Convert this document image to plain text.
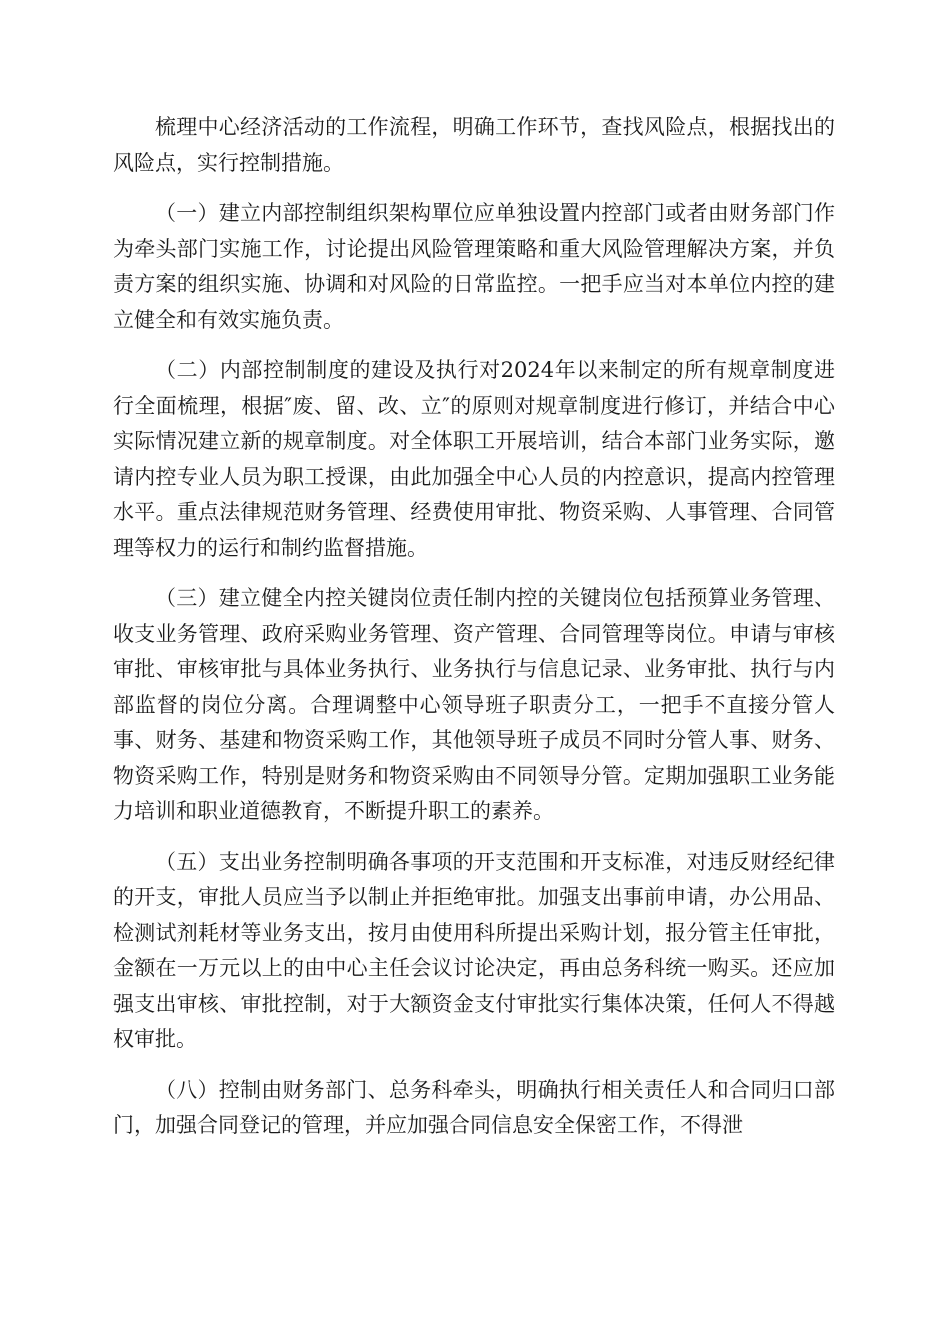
梳理中心经济活动的工作流程，明确工作环节，查找风险点，根据找出的风险点，实行控制措施。

（一）建立内部控制组织架构單位应单独设置内控部门或者由财务部门作为牵头部门实施工作，讨论提出风险管理策略和重大风险管理解决方案，并负责方案的组织实施、协调和对风险的日常监控。一把手应当对本单位内控的建立健全和有效实施负责。

（二）内部控制制度的建设及执行对2024年以来制定的所有规章制度进行全面梳理，根据″废、留、改、立″的原则对规章制度进行修订，并结合中心实际情况建立新的规章制度。对全体职工开展培训，结合本部门业务实际，邀请内控专业人员为职工授课，由此加强全中心人员的内控意识，提高内控管理水平。重点法律规范财务管理、经费使用审批、物资采购、人事管理、合同管理等权力的运行和制约监督措施。

（三）建立健全内控关键岗位责任制内控的关键岗位包括预算业务管理、收支业务管理、政府采购业务管理、资产管理、合同管理等岗位。申请与审核审批、审核审批与具体业务执行、业务执行与信息记录、业务审批、执行与内部监督的岗位分离。合理调整中心领导班子职责分工，一把手不直接分管人事、财务、基建和物资采购工作，其他领导班子成员不同时分管人事、财务、物资采购工作，特别是财务和物资采购由不同领导分管。定期加强职工业务能力培训和职业道德教育，不断提升职工的素养。

（五）支出业务控制明确各事项的开支范围和开支标准，对违反财经纪律的开支，审批人员应当予以制止并拒绝审批。加强支出事前申请，办公用品、检测试剂耗材等业务支出，按月由使用科所提出采购计划，报分管主任审批，金额在一万元以上的由中心主任会议讨论决定，再由总务科统一购买。还应加强支出审核、审批控制，对于大额资金支付审批实行集体决策，任何人不得越权审批。

（八）控制由财务部门、总务科牵头，明确执行相关责任人和合同归口部门，加强合同登记的管理，并应加强合同信息安全保密工作，不得泄
